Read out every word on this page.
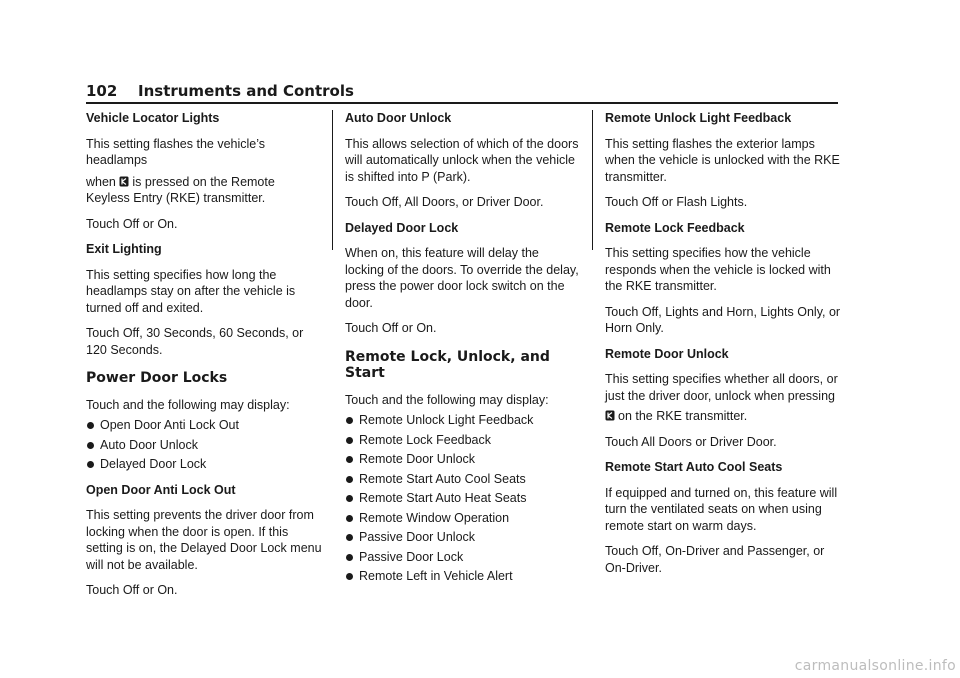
102 Instruments and Controls
Vehicle Locator Lights
This setting flashes the vehicle’s headlamps
when is pressed on the Remote Keyless Entry (RKE) transmitter.
Touch Off or On.
Exit Lighting
This setting specifies how long the headlamps stay on after the vehicle is turned off and exited.
Touch Off, 30 Seconds, 60 Seconds, or 120 Seconds.
Power Door Locks
Touch and the following may display:
Open Door Anti Lock Out
Auto Door Unlock
Delayed Door Lock
Open Door Anti Lock Out
This setting prevents the driver door from locking when the door is open. If this setting is on, the Delayed Door Lock menu will not be available.
Touch Off or On.
Auto Door Unlock
This allows selection of which of the doors will automatically unlock when the vehicle is shifted into P (Park).
Touch Off, All Doors, or Driver Door.
Delayed Door Lock
When on, this feature will delay the locking of the doors. To override the delay, press the power door lock switch on the door.
Touch Off or On.
Remote Lock, Unlock, and Start
Touch and the following may display:
Remote Unlock Light Feedback
Remote Lock Feedback
Remote Door Unlock
Remote Start Auto Cool Seats
Remote Start Auto Heat Seats
Remote Window Operation
Passive Door Unlock
Passive Door Lock
Remote Left in Vehicle Alert
Remote Unlock Light Feedback
This setting flashes the exterior lamps when the vehicle is unlocked with the RKE transmitter.
Touch Off or Flash Lights.
Remote Lock Feedback
This setting specifies how the vehicle responds when the vehicle is locked with the RKE transmitter.
Touch Off, Lights and Horn, Lights Only, or Horn Only.
Remote Door Unlock
This setting specifies whether all doors, or just the driver door, unlock when pressing
on the RKE transmitter.
Touch All Doors or Driver Door.
Remote Start Auto Cool Seats
If equipped and turned on, this feature will turn the ventilated seats on when using remote start on warm days.
Touch Off, On-Driver and Passenger, or On-Driver.
carmanualsonline.info
